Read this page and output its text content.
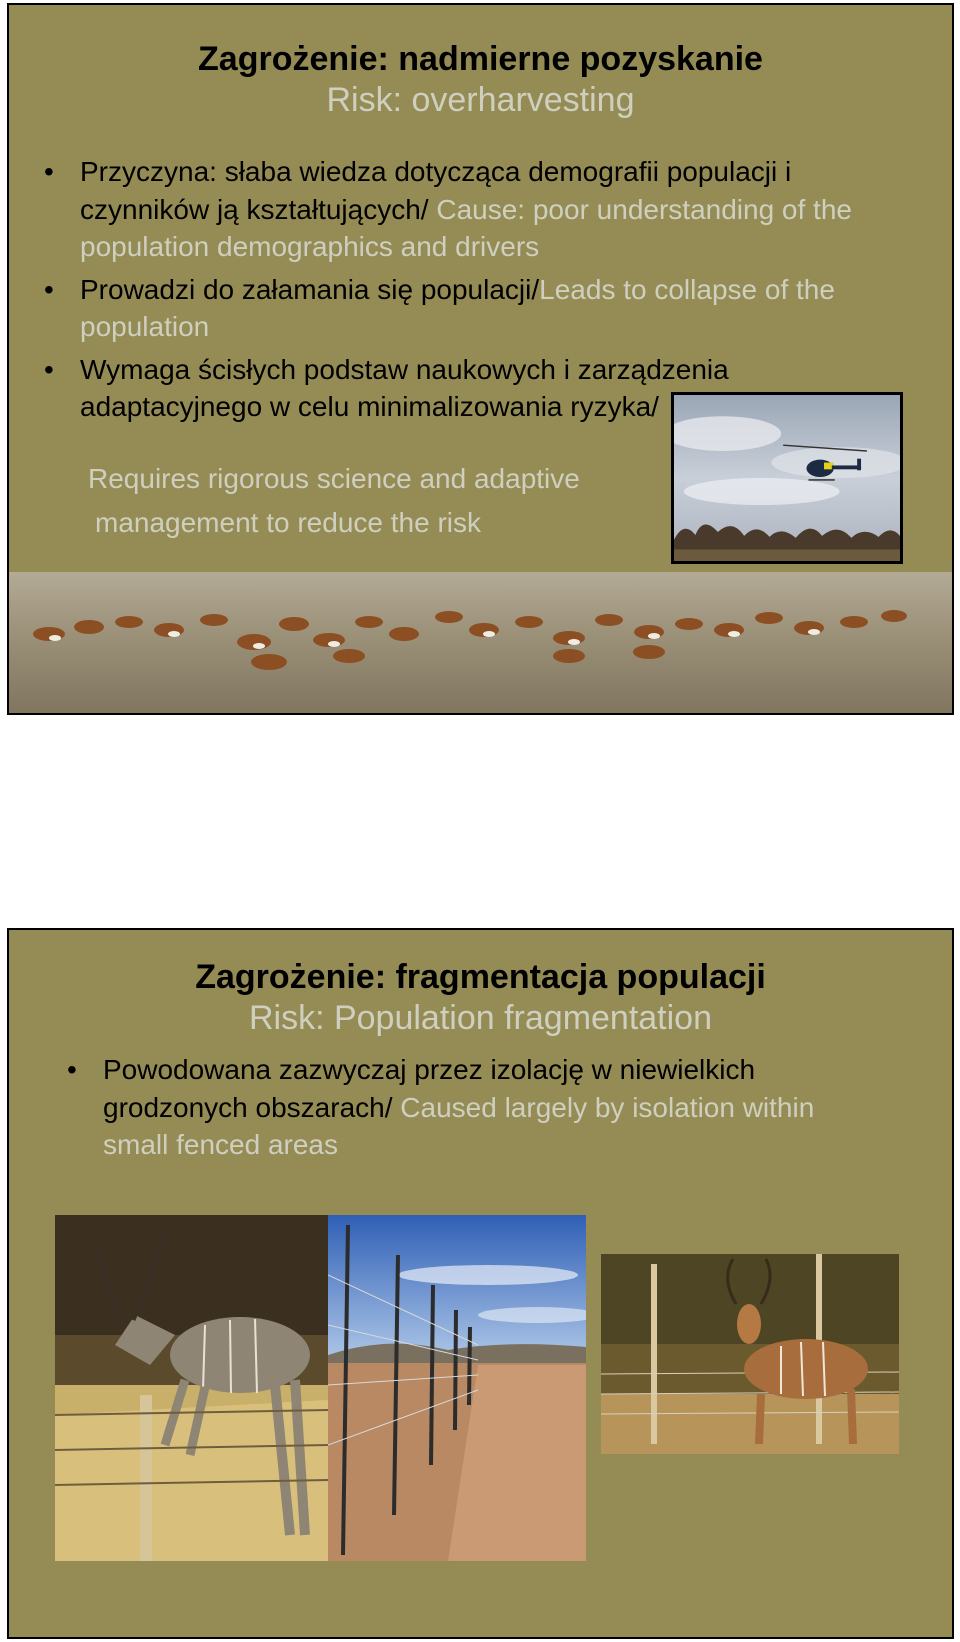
Zagrożenie: nadmierne pozyskanie
Risk: overharvesting
• Przyczyna: słaba wiedza dotycząca demografii populacji i czynników ją kształtujących/ Cause: poor understanding of the population demographics and drivers
• Prowadzi do załamania się populacji/Leads to collapse of the population
• Wymaga ścisłych podstaw naukowych i zarządzenia adaptacyjnego w celu minimalizowania ryzyka/
Requires rigorous science and adaptive
management to reduce the risk
Zagrożenie: fragmentacja populacji
Risk: Population fragmentation
• Powodowana zazwyczaj przez izolację w niewielkich grodzonych obszarach/ Caused largely by isolation within small fenced areas
